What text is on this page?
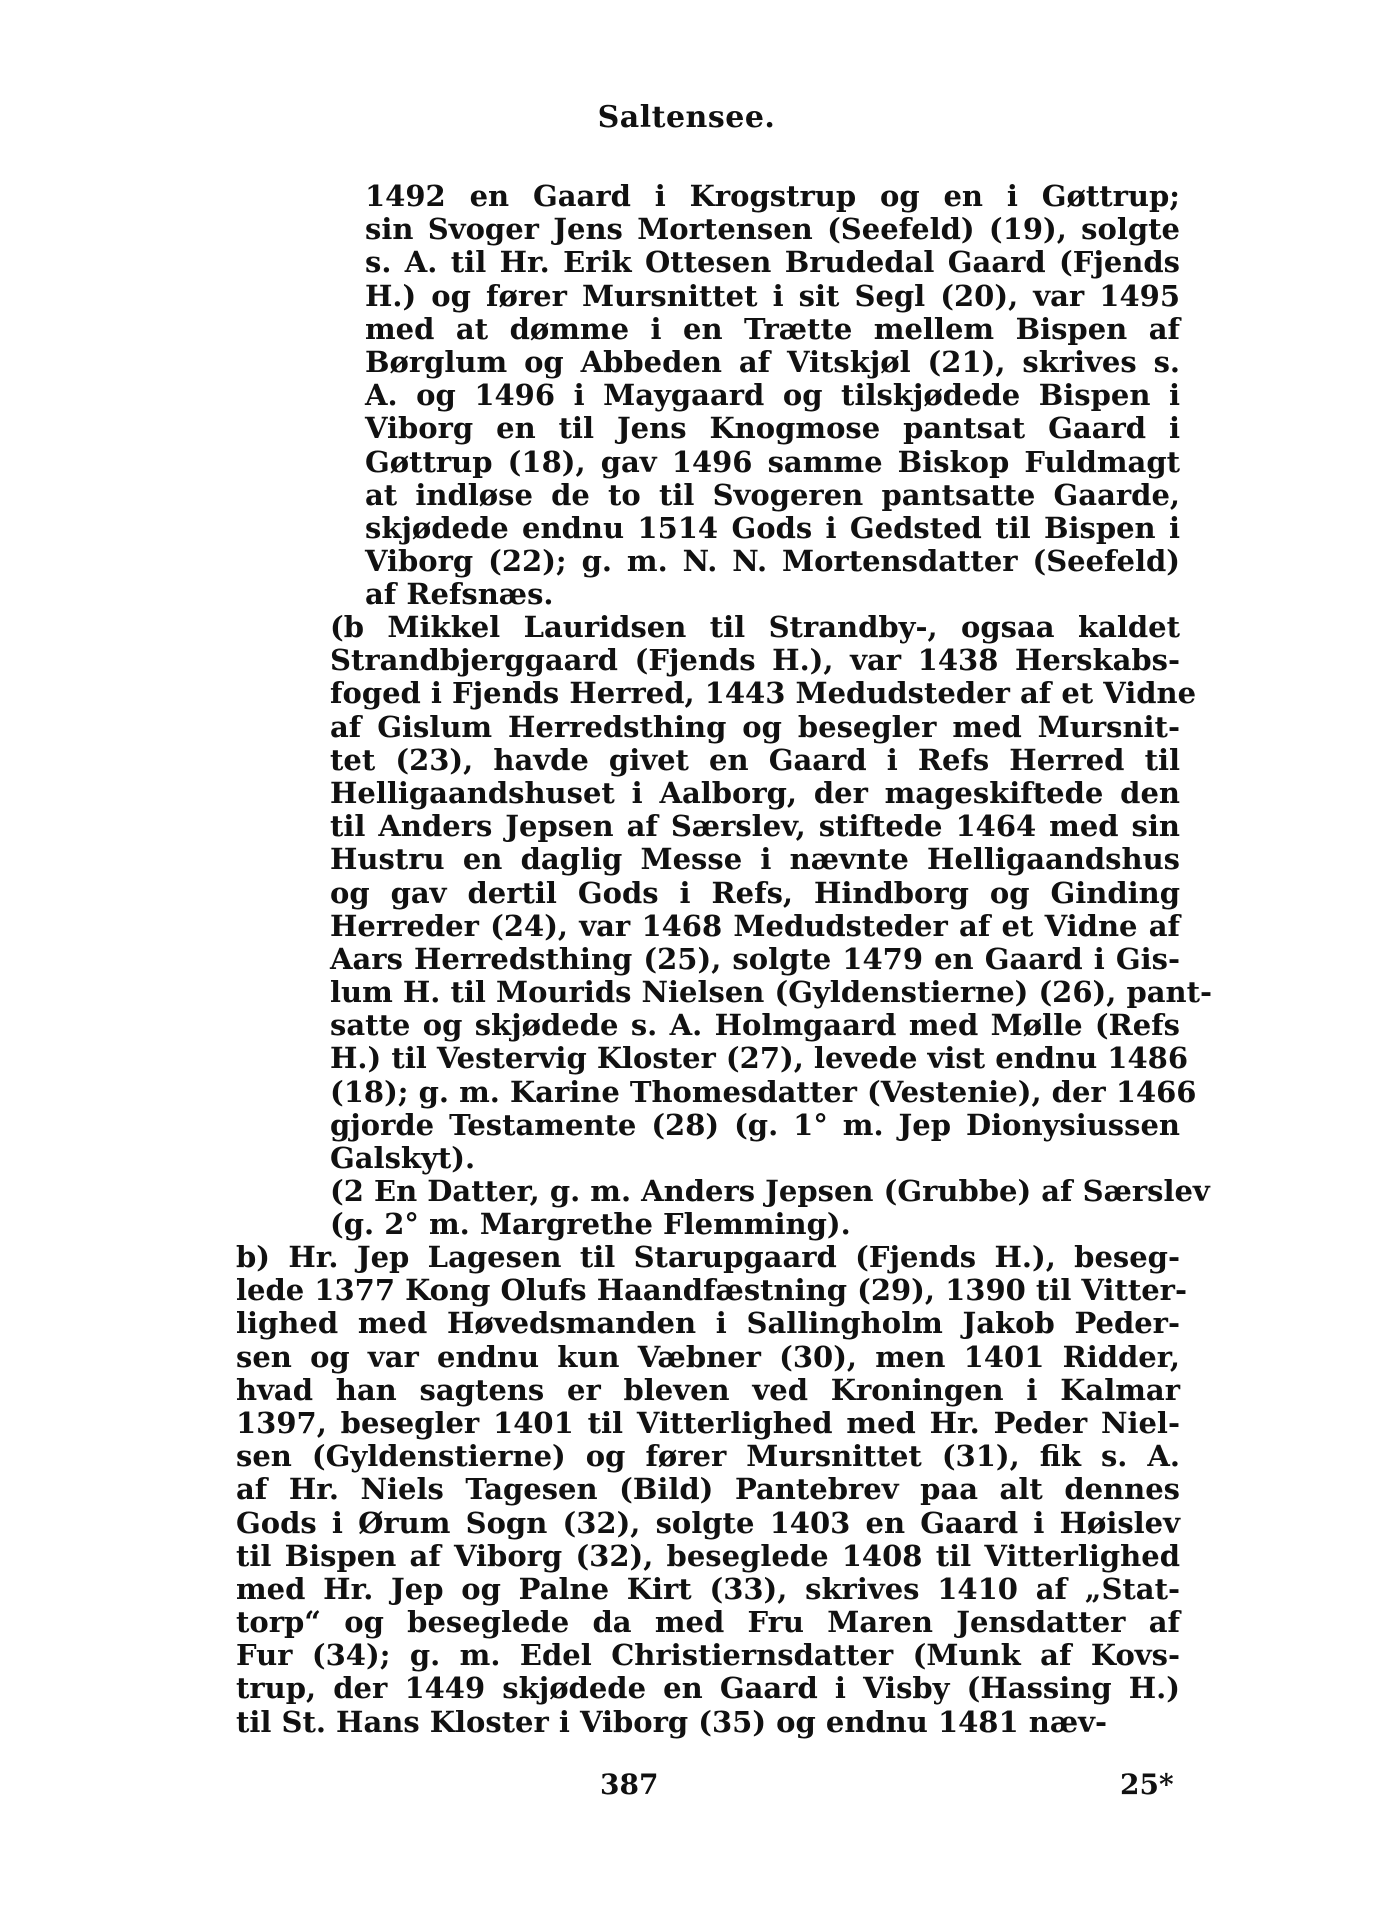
Saltensee.
1492 en Gaard i Krogstrup og en i Gøttrup;
sin Svoger Jens Mortensen (Seefeld) (19), solgte
s. A. til Hr. Erik Ottesen Brudedal Gaard (Fjends
H.) og fører Mursnittet i sit Segl (20), var 1495
med at dømme i en Trætte mellem Bispen af
Børglum og Abbeden af Vitskjøl (21), skrives s.
A. og 1496 i Maygaard og tilskjødede Bispen i
Viborg en til Jens Knogmose pantsat Gaard i
Gøttrup (18), gav 1496 samme Biskop Fuldmagt
at indløse de to til Svogeren pantsatte Gaarde,
skjødede endnu 1514 Gods i Gedsted til Bispen i
Viborg (22); g. m. N. N. Mortensdatter (Seefeld)
af Refsnæs.
(b Mikkel Lauridsen til Strandby-, ogsaa kaldet
Strandbjerggaard (Fjends H.), var 1438 Herskabs-
foged i Fjends Herred, 1443 Medudsteder af et Vidne
af Gislum Herredsthing og besegler med Mursnit-
tet (23), havde givet en Gaard i Refs Herred til
Helligaandshuset i Aalborg, der mageskiftede den
til Anders Jepsen af Særslev, stiftede 1464 med sin
Hustru en daglig Messe i nævnte Helligaandshus
og gav dertil Gods i Refs, Hindborg og Ginding
Herreder (24), var 1468 Medudsteder af et Vidne af
Aars Herredsthing (25), solgte 1479 en Gaard i Gis-
lum H. til Mourids Nielsen (Gyldenstierne) (26), pant-
satte og skjødede s. A. Holmgaard med Mølle (Refs
H.) til Vestervig Kloster (27), levede vist endnu 1486
(18); g. m. Karine Thomesdatter (Vestenie), der 1466
gjorde Testamente (28) (g. 1° m. Jep Dionysiussen
Galskyt).
(2 En Datter, g. m. Anders Jepsen (Grubbe) af Særslev
(g. 2° m. Margrethe Flemming).
b) Hr. Jep Lagesen til Starupgaard (Fjends H.), beseg-
lede 1377 Kong Olufs Haandfæstning (29), 1390 til Vitter-
lighed med Høvedsmanden i Sallingholm Jakob Peder-
sen og var endnu kun Væbner (30), men 1401 Ridder,
hvad han sagtens er bleven ved Kroningen i Kalmar
1397, besegler 1401 til Vitterlighed med Hr. Peder Niel-
sen (Gyldenstierne) og fører Mursnittet (31), fik s. A.
af Hr. Niels Tagesen (Bild) Pantebrev paa alt dennes
Gods i Ørum Sogn (32), solgte 1403 en Gaard i Høislev
til Bispen af Viborg (32), beseglede 1408 til Vitterlighed
med Hr. Jep og Palne Kirt (33), skrives 1410 af „Stat-
torp“ og beseglede da med Fru Maren Jensdatter af
Fur (34); g. m. Edel Christiernsdatter (Munk af Kovs-
trup, der 1449 skjødede en Gaard i Visby (Hassing H.)
til St. Hans Kloster i Viborg (35) og endnu 1481 næv-
387	25*
